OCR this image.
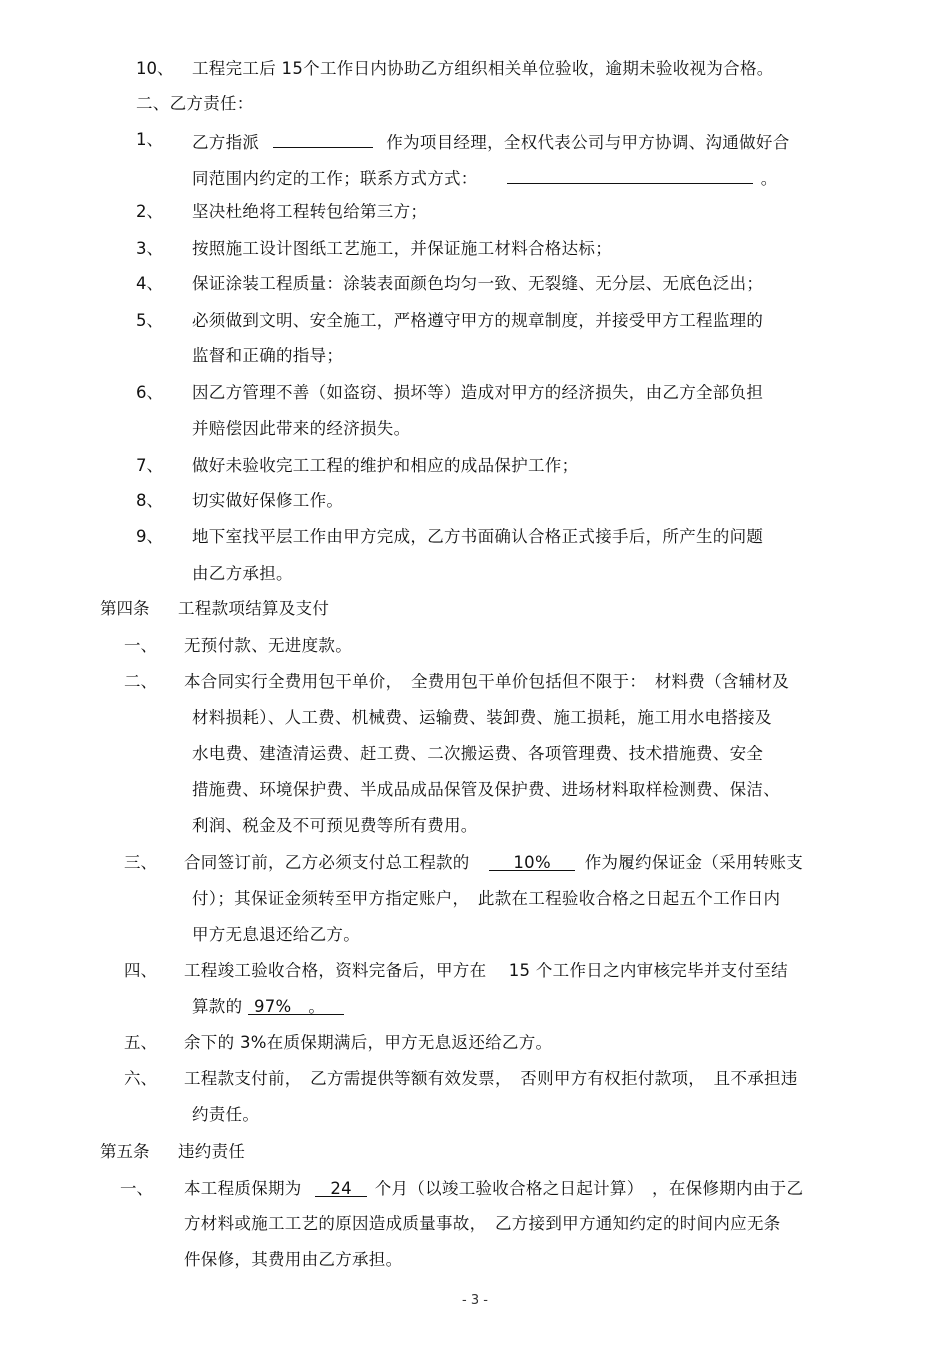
10、 工程完工后 15个工作日内协助乙方组织相关单位验收，逾期未验收视为合格。
二、乙方责任：
1、 乙方指派	作为项目经理，全权代表公司与甲方协调、沟通做好合
同范围内约定的工作；联系方式方式：	。
2、 坚决杜绝将工程转包给第三方；
3、 按照施工设计图纸工艺施工，并保证施工材料合格达标；
4、 保证涂装工程质量：涂装表面颜色均匀一致、无裂缝、无分层、无底色泛出；
5、 必须做到文明、安全施工，严格遵守甲方的规章制度，并接受甲方工程监理的
监督和正确的指导；
6、 因乙方管理不善（如盗窃、损坏等）造成对甲方的经济损失，由乙方全部负担
并赔偿因此带来的经济损失。
7、 做好未验收完工工程的维护和相应的成品保护工作；
8、 切实做好保修工作。
9、 地下室找平层工作由甲方完成，乙方书面确认合格正式接手后，所产生的问题
由乙方承担。
第四条 工程款项结算及支付
一、 无预付款、无进度款。
二、 本合同实行全费用包干单价，　全费用包干单价包括但不限于：　材料费（含辅材及
材料损耗）、人工费、机械费、运输费、装卸费、施工损耗，施工用水电搭接及
水电费、建渣清运费、赶工费、二次搬运费、各项管理费、技术措施费、安全
措施费、环境保护费、半成品成品保管及保护费、进场材料取样检测费、保洁、
利润、税金及不可预见费等所有费用。
三、 合同签订前，乙方必须支付总工程款的	10% 作为履约保证金（采用转账支
付）；其保证金须转至甲方指定账户，　此款在工程验收合格之日起五个工作日内
甲方无息退还给乙方。
四、 工程竣工验收合格，资料完备后，甲方在　 15 个工作日之内审核完毕并支付至结
算款的 97%　 。
五、 余下的 3%在质保期满后，甲方无息返还给乙方。
六、 工程款支付前，　乙方需提供等额有效发票，　否则甲方有权拒付款项，　且不承担违
约责任。
第五条 违约责任
一、 本工程质保期为 24 个月（以竣工验收合格之日起计算）　，在保修期内由于乙
方材料或施工工艺的原因造成质量事故，　乙方接到甲方通知约定的时间内应无条
件保修，其费用由乙方承担。
- 3 -
